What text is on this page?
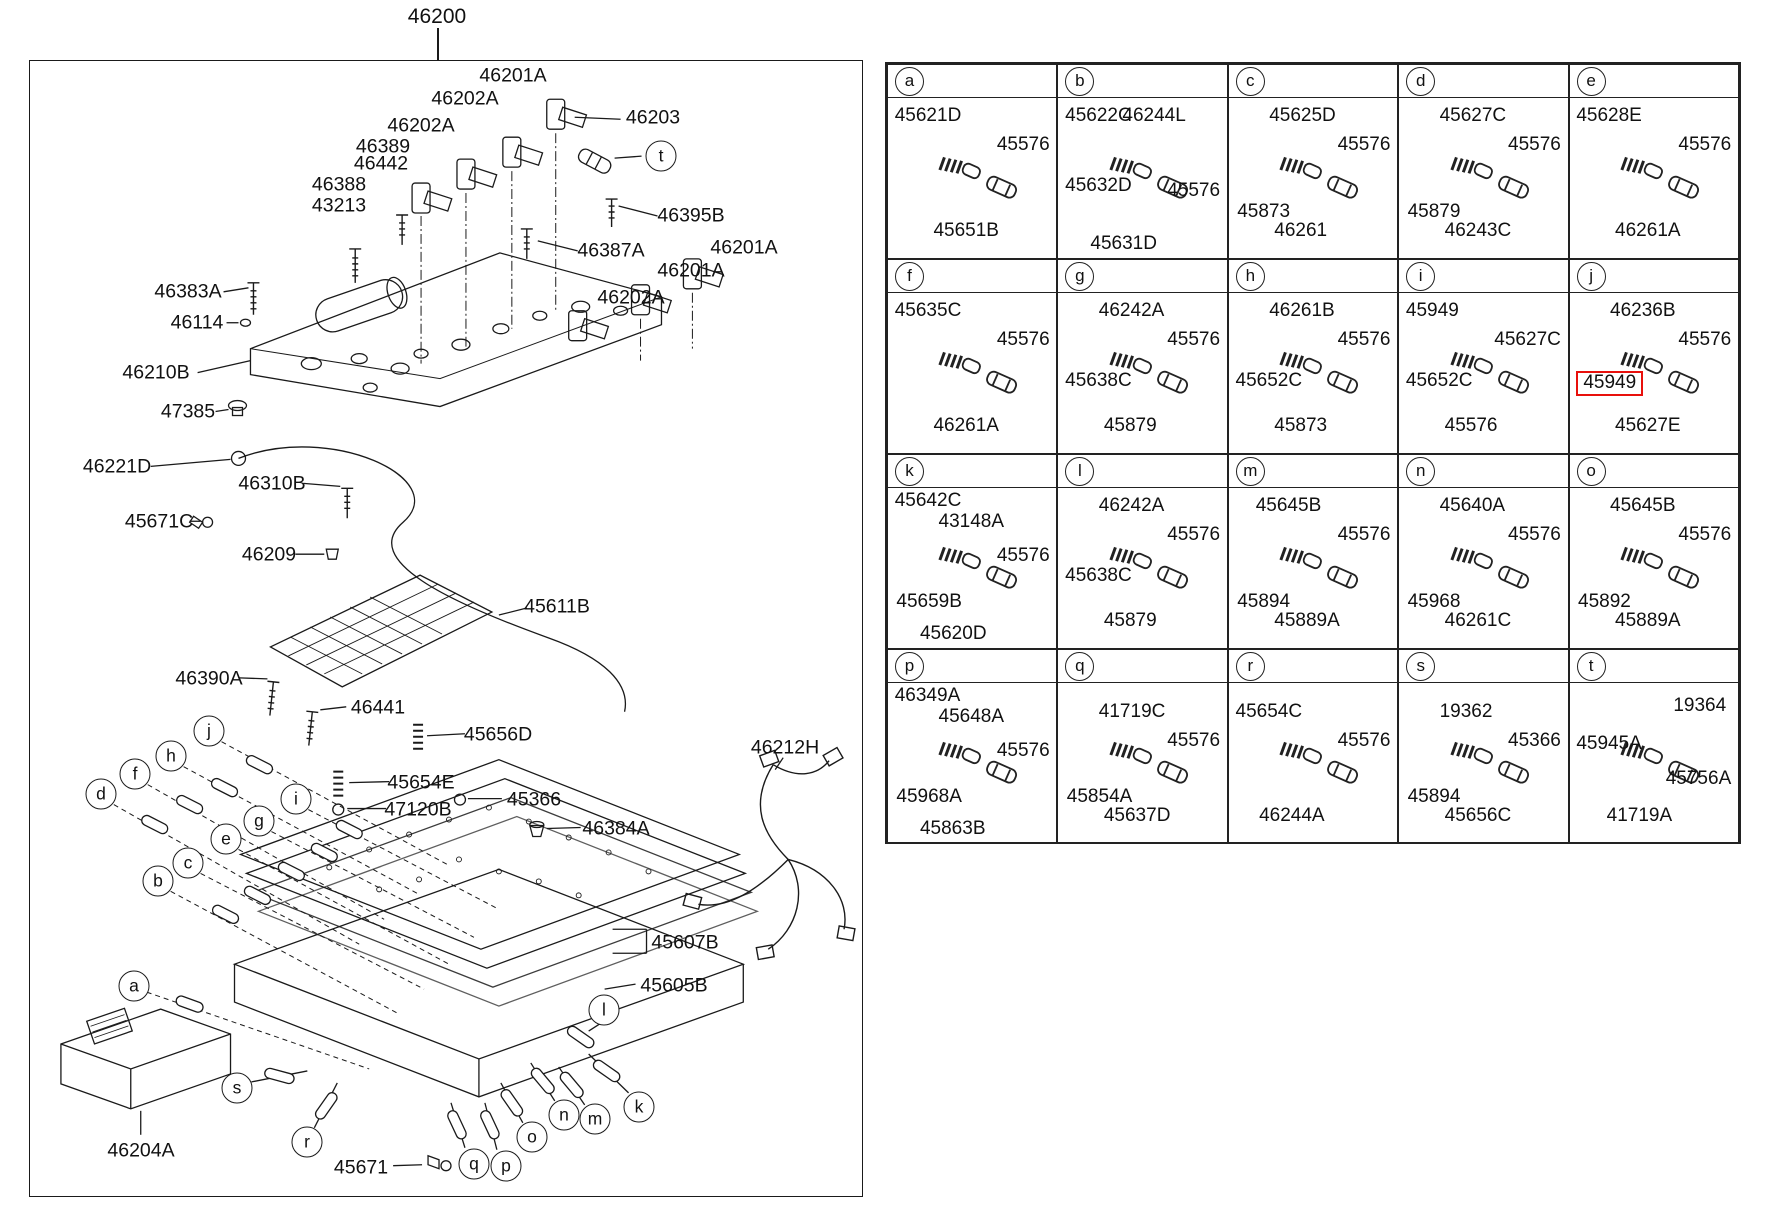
46200
46201A
46202A
46202A
46389
46442
46388
43213
46203
46395B
46387A	46201A
46201A
46202A
46383A
46114
46210B
47385
46221D
46310B
45671C
46209
45611B
46390A
46441
45656D
45654E
47120B	45366
46384A
46212H
45607B
45605B
46204A
45671
t
a
b
c
d
e
f
g
h
i
j
k
l
m
n
o
p
q
r
s
a
45621D
45576
45651B
b
45622C
46244L
45632D 45576
45631D
c
45625D
45576
45873
46261
d
45627C
45576
45879
46243C
e
45628E
45576
46261A
f
45635C
45576
46261A
g
46242A
45576
45638C
45879
h
46261B
45576
45652C
45873
i
45949
45627C
45652C
45576
j
46236B
45576
45949
45627E
k
45642C
43148A
45659B
45576
45620D
l
46242A
45576
45638C
45879
m
45645B
45576
45894
45889A
n
45640A
45576
45968
46261C
o
45645B
45576
45892
45889A
p
46349A
45648A
45968A
45576
45863B
q
41719C
45576
45854A
45637D
r
45654C
45576
46244A
s
19362
45366
45894
45656C
t
19364
45945A
45756A
41719A
